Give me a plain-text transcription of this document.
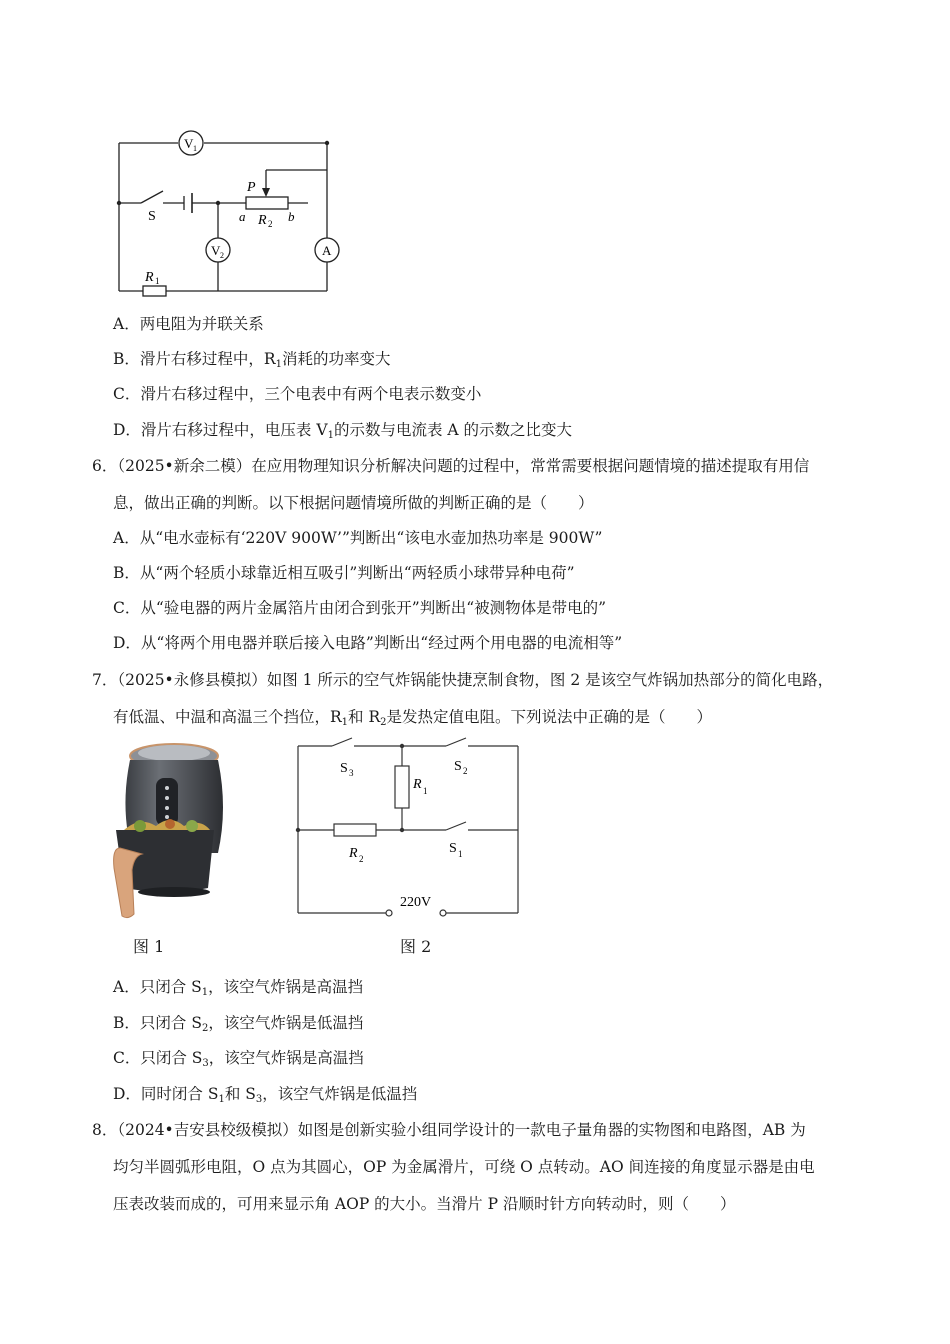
V 1
V 2	A
S
P
a	b
R 2
R 1
A．两电阻为并联关系
B．滑片右移过程中，$R_1$消耗的功率变大
C．滑片右移过程中，三个电表中有两个电表示数变小
D．滑片右移过程中，电压表 $V_1$的示数与电流表 A 的示数之比变大
6．（2025•新余二模）在应用物理知识分析解决问题的过程中，常常需要根据问题情境的描述提取有用信
息，做出正确的判断。以下根据问题情境所做的判断正确的是（　　）
A．从“电水壶标有‘220V 900W’”判断出“该电水壶加热功率是 900W”
B．从“两个轻质小球靠近相互吸引”判断出“两轻质小球带异种电荷”
C．从“验电器的两片金属箔片由闭合到张开”判断出“被测物体是带电的”
D．从“将两个用电器并联后接入电路”判断出“经过两个用电器的电流相等”
7．（2025•永修县模拟）如图 1 所示的空气炸锅能快捷烹制食物，图 2 是该空气炸锅加热部分的简化电路，
有低温、中温和高温三个挡位，$R_1$和 $R_2$是发热定值电阻。下列说法中正确的是（　　）
图 1
S 3	S 2
R 1
R 2
S 1
220V
图 2
A．只闭合 $S_1$，该空气炸锅是高温挡
B．只闭合 $S_2$，该空气炸锅是低温挡
C．只闭合 $S_3$，该空气炸锅是高温挡
D．同时闭合 $S_1$和 $S_3$，该空气炸锅是低温挡
8．（2024•吉安县校级模拟）如图是创新实验小组同学设计的一款电子量角器的实物图和电路图，AB 为
均匀半圆弧形电阻，O 点为其圆心，OP 为金属滑片，可绕 O 点转动。AO 间连接的角度显示器是由电
压表改装而成的，可用来显示角 AOP 的大小。当滑片 P 沿顺时针方向转动时，则（　　）
